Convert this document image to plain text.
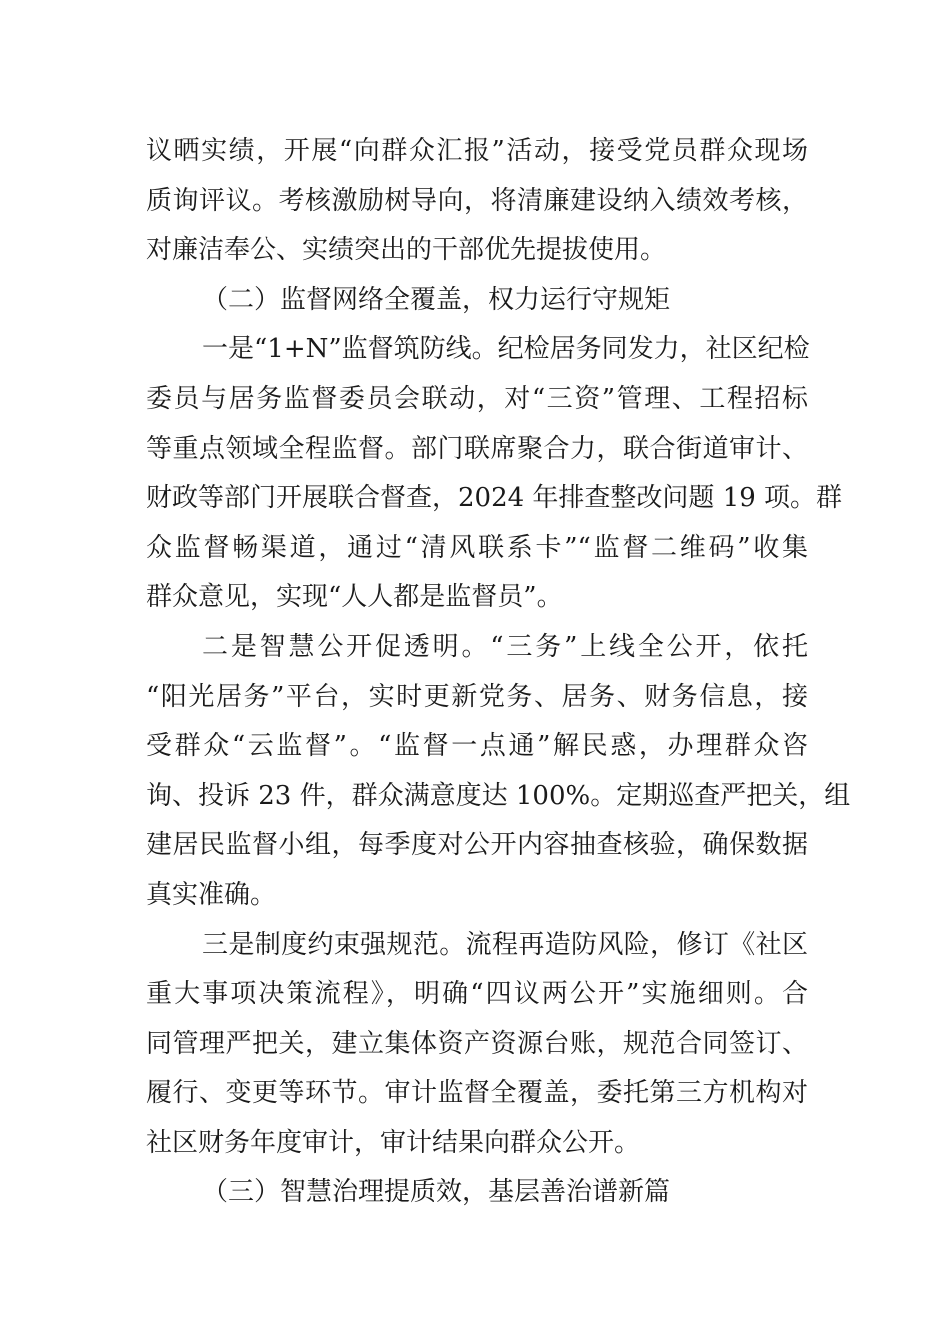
议晒实绩，开展“向群众汇报”活动，接受党员群众现场
质询评议。考核激励树导向，将清廉建设纳入绩效考核，
对廉洁奉公、实绩突出的干部优先提拔使用。
（二）监督网络全覆盖，权力运行守规矩
一是“1+N”监督筑防线。纪检居务同发力，社区纪检
委员与居务监督委员会联动，对“三资”管理、工程招标
等重点领域全程监督。部门联席聚合力，联合街道审计、
财政等部门开展联合督查，2024 年排查整改问题 19 项。群
众监督畅渠道，通过“清风联系卡”“监督二维码”收集
群众意见，实现“人人都是监督员”。
二是智慧公开促透明。“三务”上线全公开，依托
“阳光居务”平台，实时更新党务、居务、财务信息，接
受群众“云监督”。“监督一点通”解民惑，办理群众咨
询、投诉 23 件，群众满意度达 100%。定期巡查严把关，组
建居民监督小组，每季度对公开内容抽查核验，确保数据
真实准确。
三是制度约束强规范。流程再造防风险，修订《社区
重大事项决策流程》，明确“四议两公开”实施细则。合
同管理严把关，建立集体资产资源台账，规范合同签订、
履行、变更等环节。审计监督全覆盖，委托第三方机构对
社区财务年度审计，审计结果向群众公开。
（三）智慧治理提质效，基层善治谱新篇
